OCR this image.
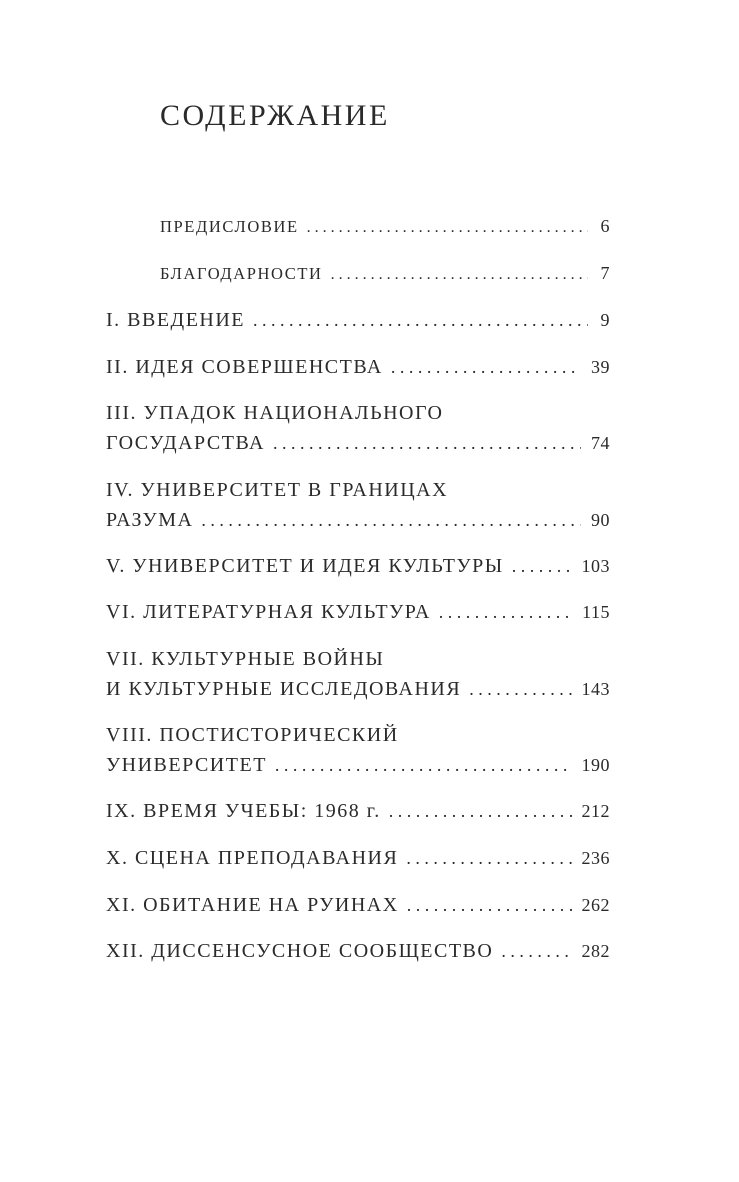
СОДЕРЖАНИЕ
ПРЕДИСЛОВИЕ . . .	6
БЛАГОДАРНОСТИ . . .	7
I. ВВЕДЕНИЕ . . .	9
II. ИДЕЯ СОВЕРШЕНСТВА . . .	39
III. УПАДОК НАЦИОНАЛЬНОГО
ГОСУДАРСТВА . . .	74
IV. УНИВЕРСИТЕТ В ГРАНИЦАХ
РАЗУМА . . .	90
V. УНИВЕРСИТЕТ И ИДЕЯ КУЛЬТУРЫ . . .	103
VI. ЛИТЕРАТУРНАЯ КУЛЬТУРА . . .	115
VII. КУЛЬТУРНЫЕ ВОЙНЫ
И КУЛЬТУРНЫЕ ИССЛЕДОВАНИЯ . . .	143
VIII. ПОСТИСТОРИЧЕСКИЙ
УНИВЕРСИТЕТ . . .	190
IX. ВРЕМЯ УЧЕБЫ: 1968 г. . . .	212
X. СЦЕНА ПРЕПОДАВАНИЯ . . .	236
XI. ОБИТАНИЕ НА РУИНАХ . . .	262
XII. ДИССЕНСУСНОЕ СООБЩЕСТВО . . .	282
